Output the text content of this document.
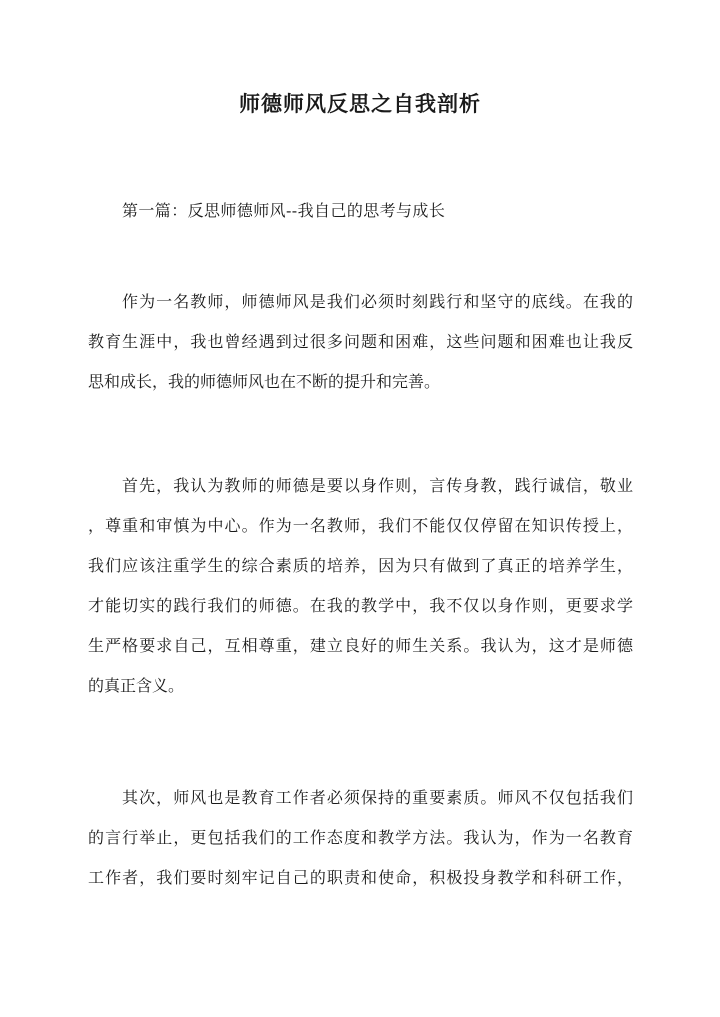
师德师风反思之自我剖析
第一篇：反思师德师风--我自己的思考与成长
作为一名教师，师德师风是我们必须时刻践行和坚守的底线。在我的
教育生涯中，我也曾经遇到过很多问题和困难，这些问题和困难也让我反
思和成长，我的师德师风也在不断的提升和完善。
首先，我认为教师的师德是要以身作则，言传身教，践行诚信，敬业
，尊重和审慎为中心。作为一名教师，我们不能仅仅停留在知识传授上，
我们应该注重学生的综合素质的培养，因为只有做到了真正的培养学生，
才能切实的践行我们的师德。在我的教学中，我不仅以身作则，更要求学
生严格要求自己，互相尊重，建立良好的师生关系。我认为，这才是师德
的真正含义。
其次，师风也是教育工作者必须保持的重要素质。师风不仅包括我们
的言行举止，更包括我们的工作态度和教学方法。我认为，作为一名教育
工作者，我们要时刻牢记自己的职责和使命，积极投身教学和科研工作，
